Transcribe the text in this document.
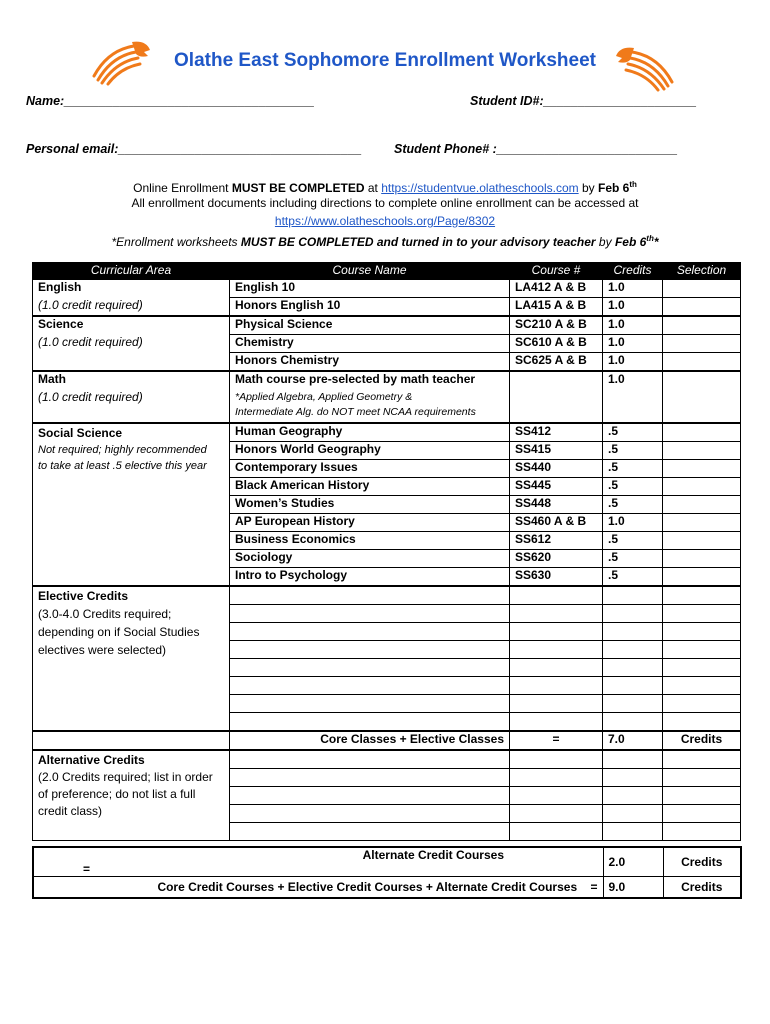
Olathe East Sophomore Enrollment Worksheet
Name:____________________________________	Student ID#:______________________
Personal email:___________________________________	Student Phone# :__________________________
Online Enrollment MUST BE COMPLETED at https://studentvue.olatheschools.com by Feb 6th
All enrollment documents including directions to complete online enrollment can be accessed at
https://www.olatheschools.org/Page/8302
*Enrollment worksheets MUST BE COMPLETED and turned in to your advisory teacher by Feb 6th*
Curricular Area	Course Name	Course #	Credits	Selection
English	English 10	LA412 A & B	1.0	
(1.0 credit required)	Honors English 10	LA415 A & B	1.0	
Science	Physical Science	SC210 A & B	1.0	
(1.0 credit required)	Chemistry	SC610 A & B	1.0	
	Honors Chemistry	SC625 A & B	1.0	
Math	Math course pre-selected by math teacher		1.0	
(1.0 credit required)	*Applied Algebra, Applied Geometry &
Intermediate Alg. do NOT meet NCAA requirements			

Social Science
Not required; highly recommended
to take at least .5 elective this year	Human Geography	SS412	.5	
	Honors World Geography	SS415	.5	
	Contemporary Issues	SS440	.5	
	Black American History	SS445	.5	
	Women’s Studies	SS448	.5	
	AP European History	SS460 A & B	1.0	
	Business Economics	SS612	.5	
	Sociology	SS620	.5	
	Intro to Psychology	SS630	.5	

Elective Credits
(3.0-4.0 Credits required; depending on if Social Studies electives were selected)				

	Core Classes + Elective Classes	=	7.0	Credits

Alternative Credits
(2.0 Credits required; list in order of preference; do not list a full credit class)				

Alternate Credit Courses=	2.0	Credits
Core Credit Courses + Elective Credit Courses + Alternate Credit Courses =	9.0	Credits
